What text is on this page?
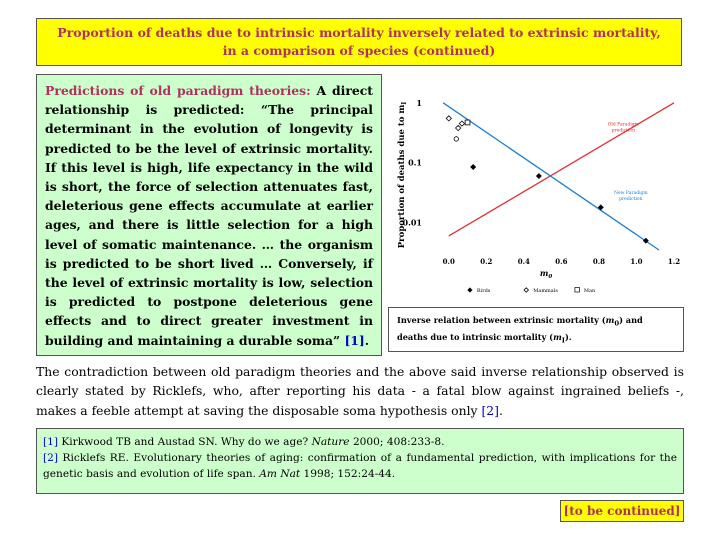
Proportion of deaths due to intrinsic mortality inversely related to extrinsic mortality,
in a comparison of species (continued)
Predictions of old paradigm theories: A direct relationship is predicted: “The principal determinant in the evolution of longevity is predicted to be the level of extrinsic mortality. If this level is high, life expectancy in the wild is short, the force of selection attenuates fast, deleterious gene effects accumulate at earlier ages, and there is little selection for a high level of somatic maintenance. … the organism is predicted to be short lived … Conversely, if the level of extrinsic mortality is low, selection is predicted to postpone deleterious gene effects and to direct greater investment in building and maintaining a durable soma” [1].
1
0.1
0.01
0.0	0.2	0.4	0.6	0.8	1.0	1.2
Proportion of deaths due to $m_I$
$m_0$
Old Paradigm
prediction
New Paradigm
prediction
Birds	Mammals	Man
Inverse relation between extrinsic mortality $(m_0)$ and
deaths due to intrinsic mortality $(m_I)$.
The contradiction between old paradigm theories and the above said inverse relationship observed is clearly stated by Ricklefs, who, after reporting his data - a fatal blow against ingrained beliefs -, makes a feeble attempt at saving the disposable soma hypothesis only [2].
[1] Kirkwood TB and Austad SN. Why do we age? Nature 2000; 408:233-8.
[2] Ricklefs RE. Evolutionary theories of aging: confirmation of a fundamental prediction, with implications for the genetic basis and evolution of life span. Am Nat 1998; 152:24-44.
[to be continued]
